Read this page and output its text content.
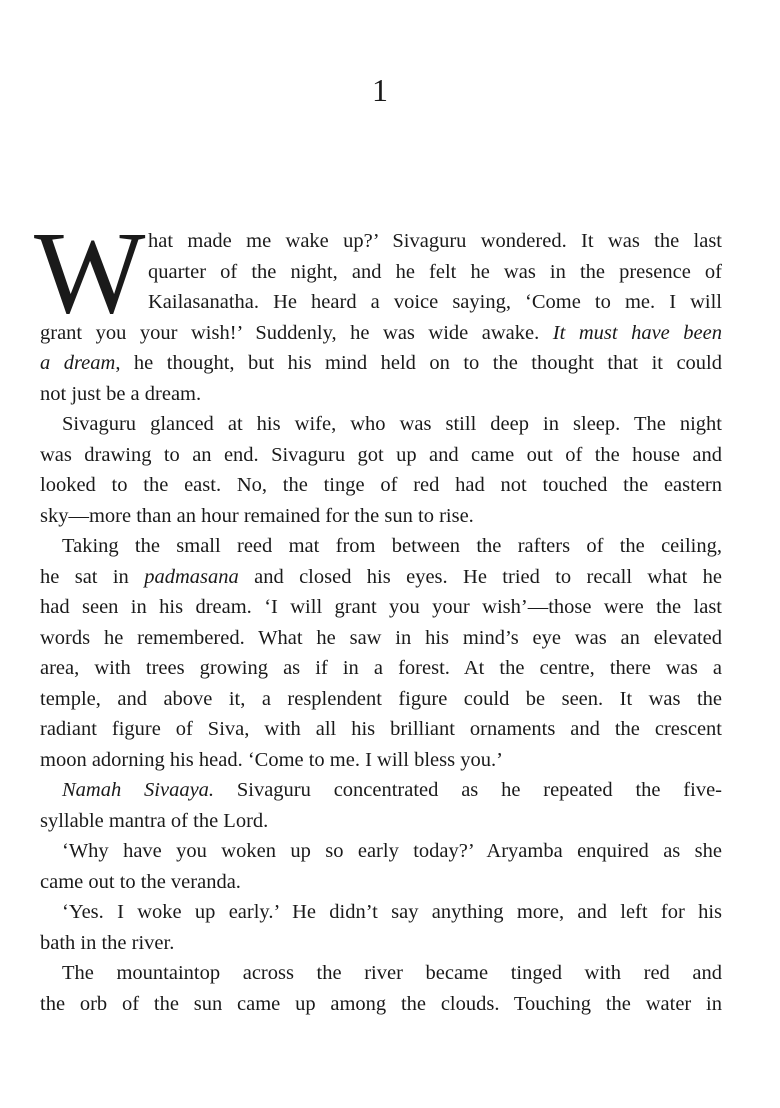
1
W hat made me wake up?’ Sivaguru wondered. It was the last
quarter of the night, and he felt he was in the presence of
Kailasanatha. He heard a voice saying, ‘Come to me. I will
grant you your wish!’ Suddenly, he was wide awake. It must have been
a dream, he thought, but his mind held on to the thought that it could
not just be a dream.
Sivaguru glanced at his wife, who was still deep in sleep. The night
was drawing to an end. Sivaguru got up and came out of the house and
looked to the east. No, the tinge of red had not touched the eastern
sky—more than an hour remained for the sun to rise.
Taking the small reed mat from between the rafters of the ceiling,
he sat in padmasana and closed his eyes. He tried to recall what he
had seen in his dream. ‘I will grant you your wish’—those were the last
words he remembered. What he saw in his mind’s eye was an elevated
area, with trees growing as if in a forest. At the centre, there was a
temple, and above it, a resplendent figure could be seen. It was the
radiant figure of Siva, with all his brilliant ornaments and the crescent
moon adorning his head. ‘Come to me. I will bless you.’
Namah Sivaaya. Sivaguru concentrated as he repeated the five-
syllable mantra of the Lord.
‘Why have you woken up so early today?’ Aryamba enquired as she
came out to the veranda.
‘Yes. I woke up early.’ He didn’t say anything more, and left for his
bath in the river.
The mountaintop across the river became tinged with red and
the orb of the sun came up among the clouds. Touching the water in
